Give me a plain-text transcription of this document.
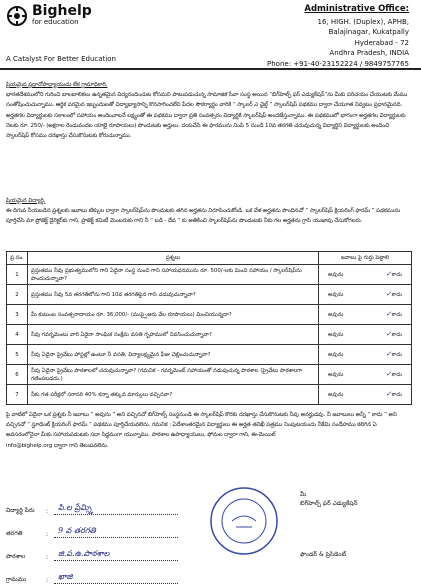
Bighelp
for education
A Catalyst For Better Education
Administrative Office:
16, HIGH. (Duplex), APHB,
Balajinagar, Kukatpally
Hyderabad - 72
Andhra Pradesh, INDIA
Phone: +91-40-23152224 / 9849757765
ప్రియమైన ప్రధానోపాధ్యాయుడు లేక గ్రామాధికారి,
భారతదేశములోని గురించి బాలబాలికలు ఉన్నతమైన విద్యనందించుట కోసమని పాటుపడుచున్న సామాజిక సేవా సంస్థ అయిన “బిగ్‌హెల్ప్ ఫర్ ఎడ్యుకేషన్”ను మీకు పరిచయం చేయుటకు మేము సంతోషించుచున్నాము. ఆర్థిక పరమైన ఇబ్బందులతో విద్యాభ్యాసాన్ని కొనసాగించలేని పేదల సౌకర్యార్థం వారికి “ స్కాలర్ ఎ ఛైల్డ్ ” స్కాలర్‌షిప్ పథకము ద్వారా చేయూత నివ్వటం ప్రధానమైనది. అర్హతగల విద్యార్థులకు సకాలంలో సహాయం అందించాలనే లక్ష్యంతో ఈ పథకము ద్వారా ప్రతి సంవత్సరం విద్యార్థికి స్కాలర్‌షిప్ అందజేస్తున్నాము. ఈ పథకములో భాగంగా అర్హతగల విద్యార్థులకు నెలకు రూ. 250/- (అక్షరాల రెండువందల యాభై రూపాయలు) పొందుటకు అర్హులు. దయచేసి ఈ ఫారమును నింపి 5 నుండి 10వ తరగతి చదువుచున్న విద్యార్థిని విద్యార్థులకు అందించి స్కాలర్‌షిప్ కోసము దరఖాస్తు చేసుకొనుటకు కోరుచున్నాము.
ప్రియమైన విద్యార్థి,
ఈ దిగువ నీయబడిన ప్రశ్నలకు జవాబు టిక్కుల ద్వారా స్కాలర్‌షిప్‌ను పొందుటకు తగిన అర్హతను నిరూపించుకోండి. ఒక వేళ అర్హతను పొందినచో “ స్కాలర్‌షిప్ క్లియరింగ్ ఫారమ్ ” పథకమును పూర్తిచేసి మా ప్రోజెక్ట్ డైరెక్టర్‌కు గాని, ప్రాజెక్ట్ కమిటీ మెంబరుకు గాని నీ “ బడి - దేవ ” కు అతికించి స్కాలర్‌షిప్‌ను పొందుటకు నీకు గల అర్హతను గ్రాసి యుజావు చేసుకోగలరు.
ప్ర.సం.	ప్రశ్నలు	జవాబు పై గుర్తు పెట్టాలి
1	ప్రస్తుతము నీవు ప్రభుత్వములోని గాని ఏదైనా సంస్థ నుంచి గాని సహాయధనమును రూ. 500/-లకు మించి సహాయం / స్కాలర్‌షిప్‌ను పొందుచున్నావా?	అవును ✓కాదు

2	ప్రస్తుతము నీవు 5వ తరగతిలోను గాని 10వ తరగతిపైన గాని చదువుచున్నావా?	అవును ✓కాదు

3	మీ కుటుంబ సంవత్సరాదాయం రూ. 36,000/- (ముప్పైఆరు వేల రూపాయలు) మించియున్నదా?	అవును ✓కాదు

4	నీవు గవర్నమెంటు వారి ఏదైనా సాంఘిక సంక్షేమ వసతి గృహములో నివసించుచున్నావా?	అవును ✓కాదు

5	నీవు ఏదైనా ప్రైవేటు హాస్టల్లో ఉంటూ నీ వసతి, విద్యాలక్ష్యమైన ఫీజు చెల్లించుచున్నావా?	అవును ✓కాదు

6	నీవు ఏదైనా ప్రైవేటు పాఠశాలలో చదువుచున్నావా? (గమనిక - గవర్నమెంట్ సహాయంతో నడుపుచున్న పాఠశాల (ప్రైవేటు పాఠశాలగా గణింపబడదు.)	అవును ✓కాదు

7	నీకు గత పరీక్షలో సరాసరి 40% కన్నా తక్కువ మార్కులు వచ్చినవా?	అవును ✓కాదు
పై వాటిలో ఏదైనా ఒక ప్రశ్నకు నీ జవాబు “ అవును ” అని వచ్చినచో బిగ్‌హెల్ప్ సంస్థనుండి ఈ స్కాలర్‌షిప్ కొరకు దరఖాస్తు చేసుకొనుటకు నీవు అనర్హుడవు. నీ జవాబులు అన్నీ “ కాదు ” అని వచ్చినచో “ స్టూడెంట్ క్లియరింగ్ ఫారమ్ ” పథకము పూర్తిచేయవలెను. గమనిక : ఏదేశాంతరమైన విద్యార్థులు ఈ అర్హత తనిఖీ పత్రము నింపుటయందు నీకేమి సందేహము కలిగిన ఏ అవసరంలోనైనా మీకు సహాయపడుటకు సదా సిద్ధముగా యున్నాము. పాఠశాల ఉపాధ్యాయులు, ఫోనుల ద్వారా గాని, ఈ-మెయిల్
info@bighelp.org ద్వారా గాని తెలుపవలెను.
విద్యార్థి పేరు	:	పి.ల ప్రేమ్స్తి
తరగతి	:	9 వ తరగతి
పాఠశాల	:	జి.ప.ఉ.పాఠశాల
గ్రామము	:	ఖాజి
మీ
బిగ్‌హెల్ప్ ఫర్ ఎడ్యుకేషన్
ఫౌండర్ & ప్రెసిడెంట్
